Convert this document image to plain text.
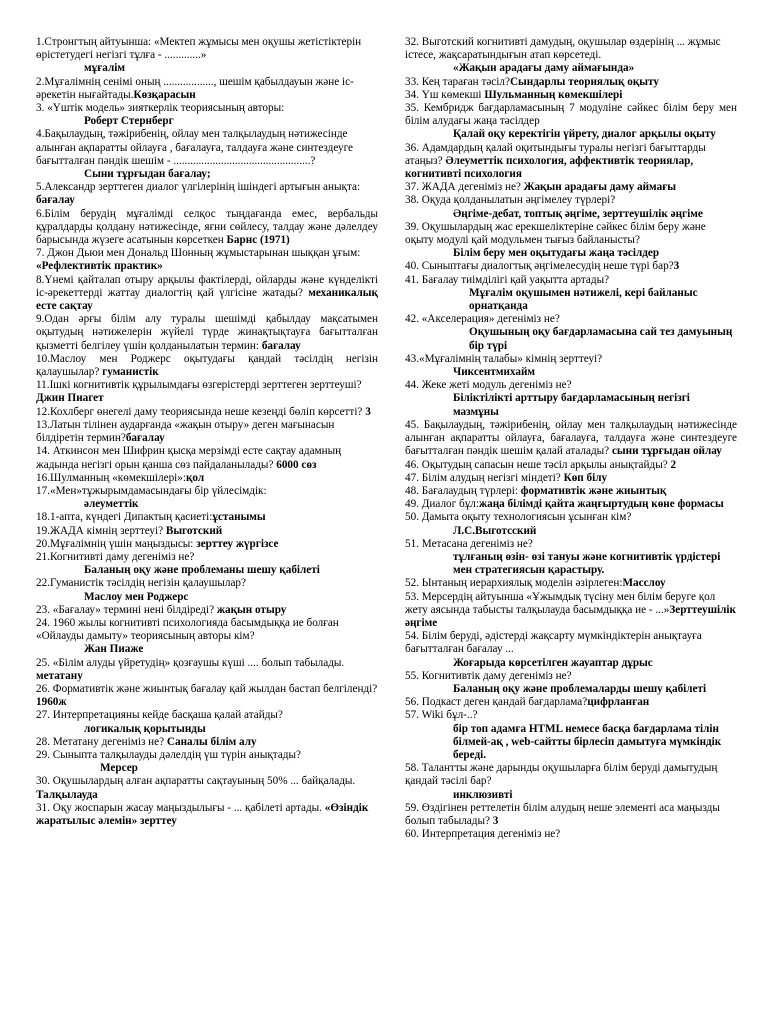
1.Стронгтың айтуынша: «Мектеп жұмысы мен оқушы жетістіктерін өрістетудегі негізгі тұлға - .............»

мұғалім

2.Мұғалімнің сенімі оның .................., шешім қабылдауын және іс-әрекетін нығайтады.Көзқарасын

3. «Үштік модель» зияткерлік теориясының авторы:

Роберт Стернберг

4.Бақылаудың, тәжірибенің, ойлау мен талқылаудың нәтижесінде алынған ақпаратты ойлауға , бағалауға, талдауға және синтездеуге бағытталған пәндік шешім - .................................................?

Сыни тұрғыдан бағалау;

5.Александр зерттеген диалог үлгілерінің ішіндегі артығын анықта: бағалау

6.Білім берудің мұғалімді селқос тыңдағанда емес, вербальды құралдарды қолдану нәтижесінде, яғни сөйлесу, талдау және дәлелдеу барысында жүзеге асатынын көрсеткен Барнс (1971)

7. Джон Дьюи мен Дональд Шонның жұмыстарынан шыққан ұғым: «Рефлективтік практик»

8.Үнемі қайталап отыру арқылы фактілерді, ойларды және күнделікті іс-әрекеттерді жаттау диалогтің қай үлгісіне жатады? механикалық есте сақтау

9.Одан әрғы білім алу туралы шешімді қабылдау мақсатымен оқытудың нәтижелерін жүйелі түрде жинақтықтауға бағытталған қызметті белгілеу үшін қолданылатын термин: бағалау

10.Маслоу мен Роджерс оқытудағы қандай тәсілдің негізін қалаушылар? гуманистік

11.Ішкі когнитивтік құрылымдағы өзгерістерді зерттеген зерттеуші? Джин Пиагет

12.Кохлберг өнегелі даму теориясында неше кезеңді бөліп көрсетті? 3

13.Латын тілінен аударғанда «жақын отыру» деген мағынасын білдіретін термин?бағалау

14. Аткинсон мен Шифрин қысқа мерзімді есте сақтау адамның жадында негізгі орын қанша сөз пайдаланылады? 6000 сөз

16.Шулманның «көмекшілері»:қол

17.«Мен»тұжырымдамасындағы бір үйлесімдік:

әлеуметтік

18.1-апта, күндегі Дипактың қасиеті:ұстанымы

19.ЖАДА кімнің зерттеуі? Выготский

20.Мұғалімнің үшін маңыздысы: зерттеу жүргізсе

21.Когнитивті даму дегеніміз не?

Баланың оқу және проблеманы шешу қабілеті

22.Гуманистік тәсілдің негізін қалаушылар?

Маслоу мен Роджерс

23. «Бағалау» термині нені білдіреді? жақын отыру

24. 1960 жылы когнитивті психологияда басымдыққа ие болған «Ойлауды дамыту» теориясының авторы кім?

Жан Пиаже

25. «Білім алуды үйретудің» қозғаушы күші .... болып табылады. метатану

26. Формативтік және жиынтық бағалау қай жылдан бастап белгіленді? 1960ж

27. Интерпретацияны кейде басқаша қалай атайды?

логикалық қорытынды

28. Метатану дегеніміз не? Саналы білім алу

29. Сыныпта талқылауды дәлелдің үш түрін анықтады?

Мерсер

30. Оқушылардың алған ақпаратты сақтауының 50% ... байқалады. Талқылауда

31. Оқу жоспарын жасау маңыздылығы - ... қабілеті артады. «Өзіндік жаратылыс әлемін» зерттеу

32. Выготский когнитивті дамудың, оқушылар өздерінің ... жұмыс істесе, жақсаратындығын атап көрсетеді.

«Жақын арадағы даму аймағында»

33. Кең тараған тәсіл?Сындарлы теориялық оқыту

34. Үш көмекші Шульманның көмекшілері

35. Кембридж бағдарламасының 7 модуліне сәйкес білім беру мен білім алудағы жаңа тәсілдер

Қалай оқу керектігін үйрету, диалог арқылы оқыту

36. Адамдардың қалай оқитындығы туралы негізгі бағыттарды атаңыз? Әлеуметтік психология, аффективтік теориялар, когнитивті психология

37. ЖАДА дегеніміз не? Жақын арадағы даму аймағы

38. Оқуда қолданылатын әңгімелеу түрлері?

Әңгіме-дебат, топтық әңгіме, зерттеушілік әңгіме

39. Оқушылардың жас ерекшеліктеріне сәйкес білім беру және оқыту модулі қай модульмен тығыз байланысты?

Білім беру мен оқытудағы жаңа тәсілдер

40. Сыныптағы диалогтық әңгімелесудің неше түрі бар?3

41. Бағалау тиімділігі қай уақытта артады?

Мұғалім оқушымен нәтижелі, кері байланыс орнатқанда

42. «Акселерация» дегеніміз не?

Оқушының оқу бағдарламасына сай тез дамуының бір түрі

43.«Мұғалімнің талабы» кімнің зерттеуі?

Чиксентмихайм

44. Жеке жеті модуль дегеніміз не?

Біліктілікті арттыру бағдарламасының негізгі мазмұны

45. Бақылаудың, тәжірибенің, ойлау мен талқылаудың нәтижесінде алынған ақпаратты ойлауға, бағалауға, талдауға және синтездеуге бағытталған пәндік шешім қалай аталады? сыни тұрғыдан ойлау

46. Оқытудың сапасын неше тәсіл арқылы анықтайды? 2

47. Білім алудың негізгі міндеті? Көп білу

48. Бағалаудың түрлері: формативтік және жиынтық

49. Диалог бұл:жаңа білімді қайта жаңғыртудың көне формасы

50. Дамыта оқыту технологиясын ұсынған кім?

Л.С.Выготсский

51. Метасана дегеніміз не?

тұлғаның өзін- өзі тануы және когнитивтік үрдістері мен стратегиясын қарастыру.

52. Ынтаның иерархиялық моделін әзірлеген:Масслоу

53. Мерсердің айтуынша «Ұжымдық түсіну мен білім беруге қол жету аясында табысты талқылауда басымдыққа ие - ...»Зерттеушілік әңгіме

54. Білім беруді, әдістерді жақсарту мүмкіндіктерін анықтауға бағытталған бағалау ...

Жоғарыда көрсетілген жауаптар дұрыс

55. Когнитивтік даму дегеніміз не?

Баланың оқу және проблемаларды шешу қабілеті

56. Подкаст деген қандай бағдарлама?цифрланған

57. Wiki бұл-..?

бір топ адамға HTML немесе басқа бағдарлама тілін білмей-ақ , web-сайтты бірлесіп дамытуға мүмкіндік береді.

58. Талантты және дарынды оқушыларға білім беруді дамытудың қандай тәсілі бар?

инклюзивті

59. Өздігінен реттелетін білім алудың неше элементі аса маңызды болып табылады? 3

60. Интерпретация дегеніміз не?
